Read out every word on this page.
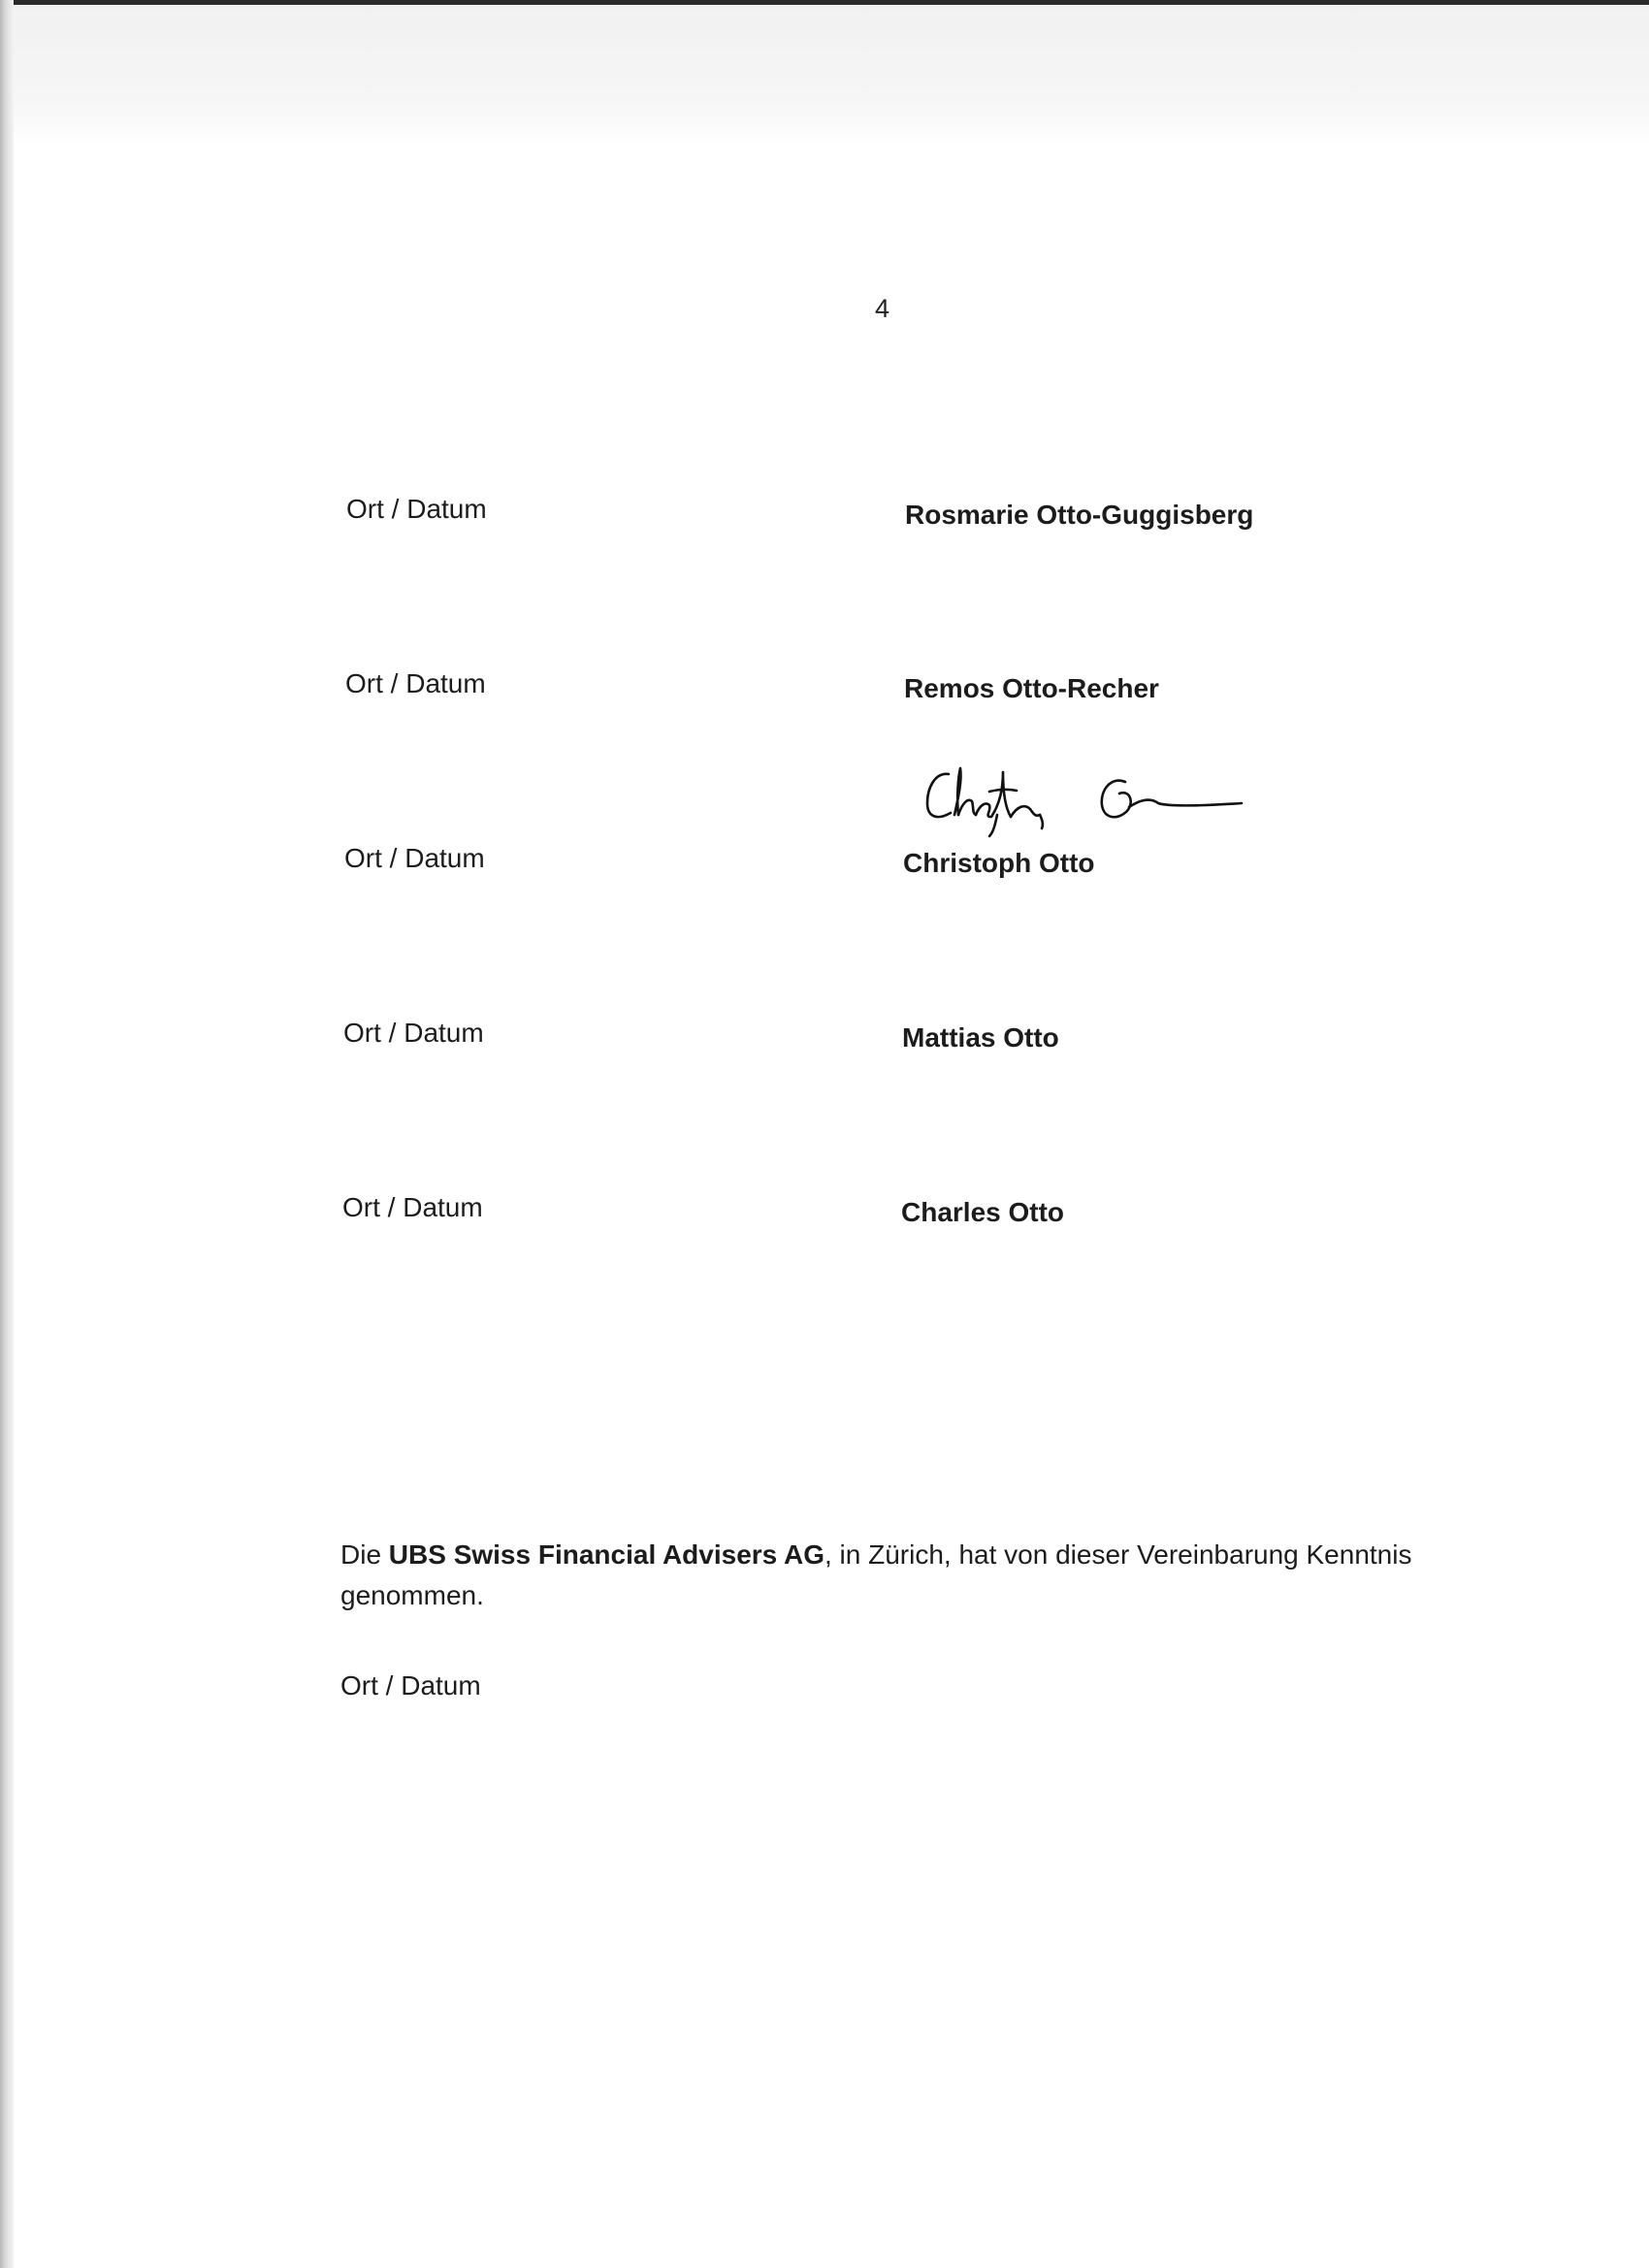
4
Ort / Datum	Rosmarie Otto-Guggisberg
Ort / Datum	Remos Otto-Recher
Ort / Datum	Christoph Otto
Ort / Datum	Mattias Otto
Ort / Datum	Charles Otto
Die UBS Swiss Financial Advisers AG, in Zürich, hat von dieser Vereinbarung Kenntnis genommen.
Ort / Datum
